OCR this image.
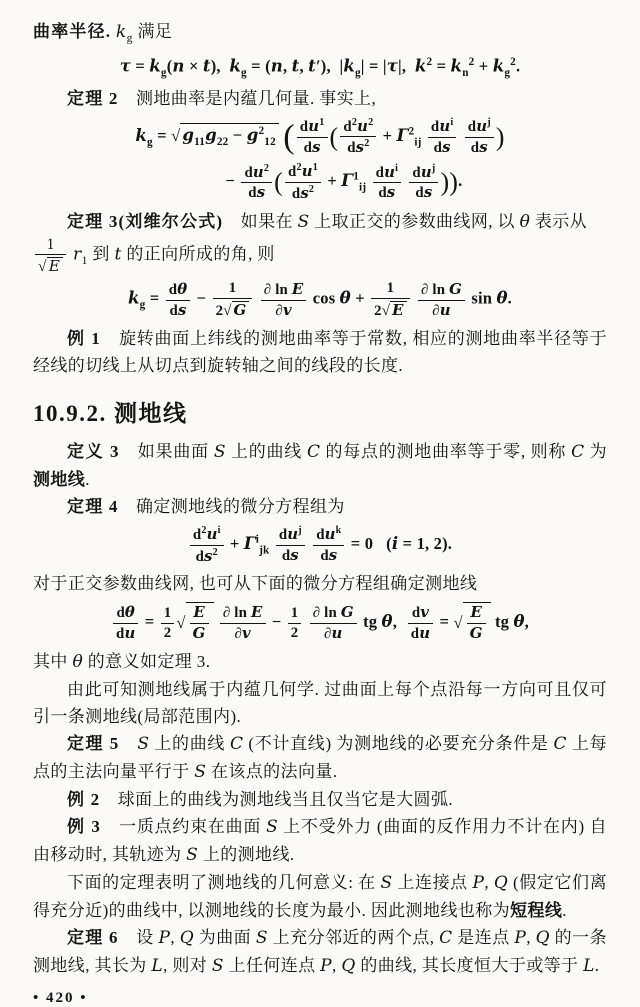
曲率半径. $k_g$ 满足

$\tau = k_g(n \times t)$,  $k_g = (n$, t, t′),  $|k_g| = |\tau|$,  $k^2 = k_n^2 + k_g^2$.

定理 2　测地曲率是内蕴几何量. 事实上,

$k_g$ = √ $g_{11}g_{22} - g^2_{12}$ ( $\frac{du^1}{ds}$ ( $\frac{d^2u^2}{ds^2} + \Gamma^2_{ij}$
$du^i$
ds

$du^j$
ds )

− $\frac{du^2}{ds}$ ( $\frac{d^2u^1}{ds^2} + \Gamma^1_{ij}$
$du^i$
ds

$du^j$
ds )).

定理 3(刘维尔公式)　如果在 S 上取正交的参数曲线网, 以 θ 表示从

$\frac{1}{√ E} r_1$ 到 t 的正向所成的角, 则

$k_g = \frac{d\theta}{ds} - \frac{1}{2√ G}$
$\frac{\text{∂ ln E}}{\partial v}$ $\cos \theta + \frac{1}{2√ E}$
$\frac{\text{∂ ln G}}{\partial u}$ sin θ.

例 1　旋转曲面上纬线的测地曲率等于常数, 相应的测地曲率半径等于经线的切线上从切点到旋转轴之间的线段的长度.

10.9.2. 测地线

定义 3　如果曲面 S 上的曲线 C 的每点的测地曲率等于零, 则称 C 为测地线.

定理 4　确定测地线的微分方程组为

$\frac{d^2u^i}{ds^2} + \Gamma^i_{jk}$
$du^j$
ds

$du^k$
ds
= 0   (i = 1, 2).

对于正交参数曲线网, 也可从下面的微分方程组确定测地线

$\frac{d\theta}{du} = \frac{1}{2}$ √ $\frac{E}{G}$
$\frac{\text{∂ ln E}}{\partial v} - \frac{1}{2}$
$\frac{\text{∂ ln G}}{\partial u}$ tg θ, $\frac{dv}{du}$ = √ $\frac{E}{G}$ tg θ,

其中 θ 的意义如定理 3.

由此可知测地线属于内蕴几何学. 过曲面上每个点沿每一方向可且仅可引一条测地线(局部范围内).

定理 5　 S 上的曲线 C (不计直线) 为测地线的必要充分条件是 C 上每点的主法向量平行于 S 在该点的法向量.

例 2　球面上的曲线为测地线当且仅当它是大圆弧.

例 3　一质点约束在曲面 S 上不受外力 (曲面的反作用力不计在内) 自由移动时, 其轨迹为 S 上的测地线.

下面的定理表明了测地线的几何意义: 在 S 上连接点 P, Q (假定它们离得充分近)的曲线中, 以测地线的长度为最小. 因此测地线也称为短程线.

定理 6　设 P, Q 为曲面 S 上充分邻近的两个点, C 是连点 P, Q 的一条测地线, 其长为 L, 则对 S 上任何连点 P, Q 的曲线, 其长度恒大于或等于 L.

• 420 •
